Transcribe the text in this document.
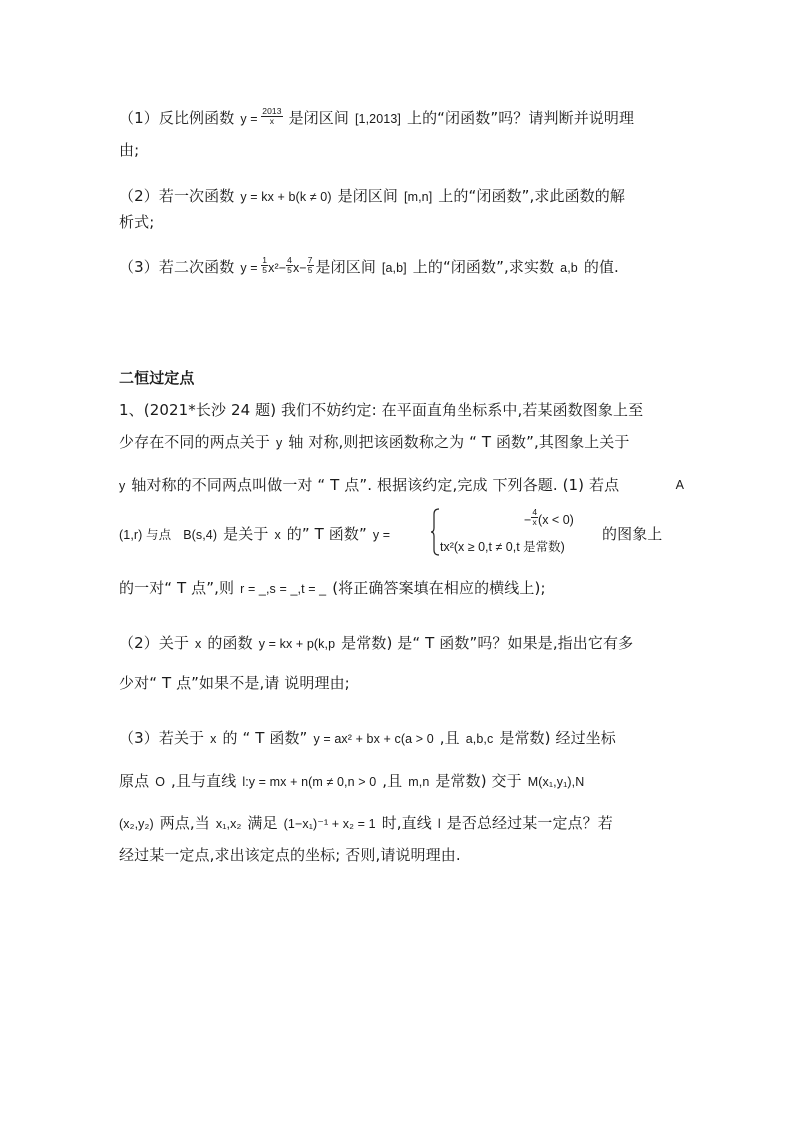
（1）反比例函数 $y = \frac{2013}{x}$ 是闭区间 [1,2013] 上的“闭函数”吗？请判断并说明理
由;
（2）若一次函数 y = kx + b(k ≠ 0) 是闭区间 [m,n] 上的“闭函数”,求此函数的解
析式;
（3）若二次函数 $y = \frac{1}{5} x^2- \frac{4}{5} x- \frac{7}{5}$ 是闭区间 [a,b] 上的“闭函数”,求实数 a,b 的值.
二恒过定点
1、(2021*长沙 24 题) 我们不妨约定: 在平面直角坐标系中,若某函数图象上至
少存在不同的两点关于 y 轴 对称,则把该函数称之为 “ T 函数”,其图象上关于
y 轴对称的不同两点叫做一对 “ T 点”. 根据该约定,完成 下列各题. (1) 若点	A
(1,r) 与点 B(s,4) 是关于 x 的” T 函数” y =
− $\frac{4}{x} (x < 0)$
tx²(x ≥ 0,t ≠ 0,t 是常数)
的图象上
的一对“ T 点”,则 r = _,s = _,t = _ (将正确答案填在相应的横线上);
（2）关于 x 的函数 y = kx + p(k,p 是常数) 是“ T 函数”吗？如果是,指出它有多
少对“ T 点”如果不是,请 说明理由;
（3）若关于 x 的 “ T 函数” y = ax² + bx + c(a > 0 ,且 a,b,c 是常数) 经过坐标
原点 O ,且与直线 l:y = mx + n(m ≠ 0,n > 0 ,且 m,n 是常数) 交于 M(x₁,y₁),N
(x₂,y₂) 两点,当 x₁,x₂ 满足 (1−x₁)⁻¹ + x₂ = 1 时,直线 l 是否总经过某一定点？若
经过某一定点,求出该定点的坐标; 否则,请说明理由.
